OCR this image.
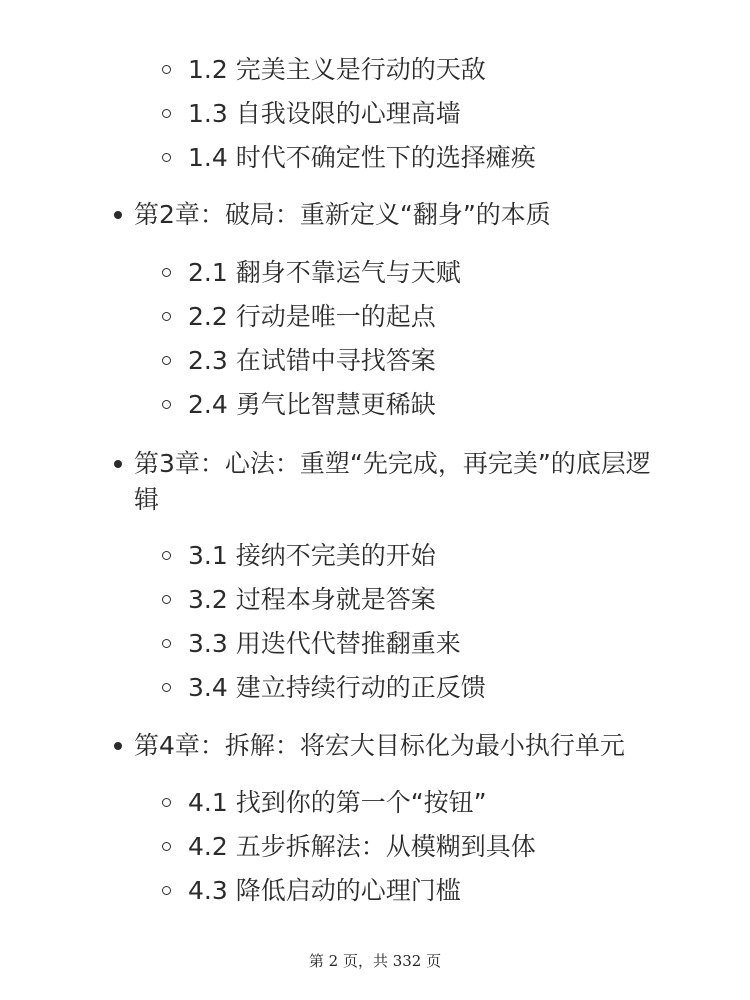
1.2 完美主义是行动的天敌
1.3 自我设限的心理高墙
1.4 时代不确定性下的选择瘫痪
第2章：破局：重新定义“翻身”的本质
2.1 翻身不靠运气与天赋
2.2 行动是唯一的起点
2.3 在试错中寻找答案
2.4 勇气比智慧更稀缺
第3章：心法：重塑“先完成，再完美”的底层逻辑
3.1 接纳不完美的开始
3.2 过程本身就是答案
3.3 用迭代代替推翻重来
3.4 建立持续行动的正反馈
第4章：拆解：将宏大目标化为最小执行单元
4.1 找到你的第一个“按钮”
4.2 五步拆解法：从模糊到具体
4.3 降低启动的心理门槛
第 2 页，共 332 页
